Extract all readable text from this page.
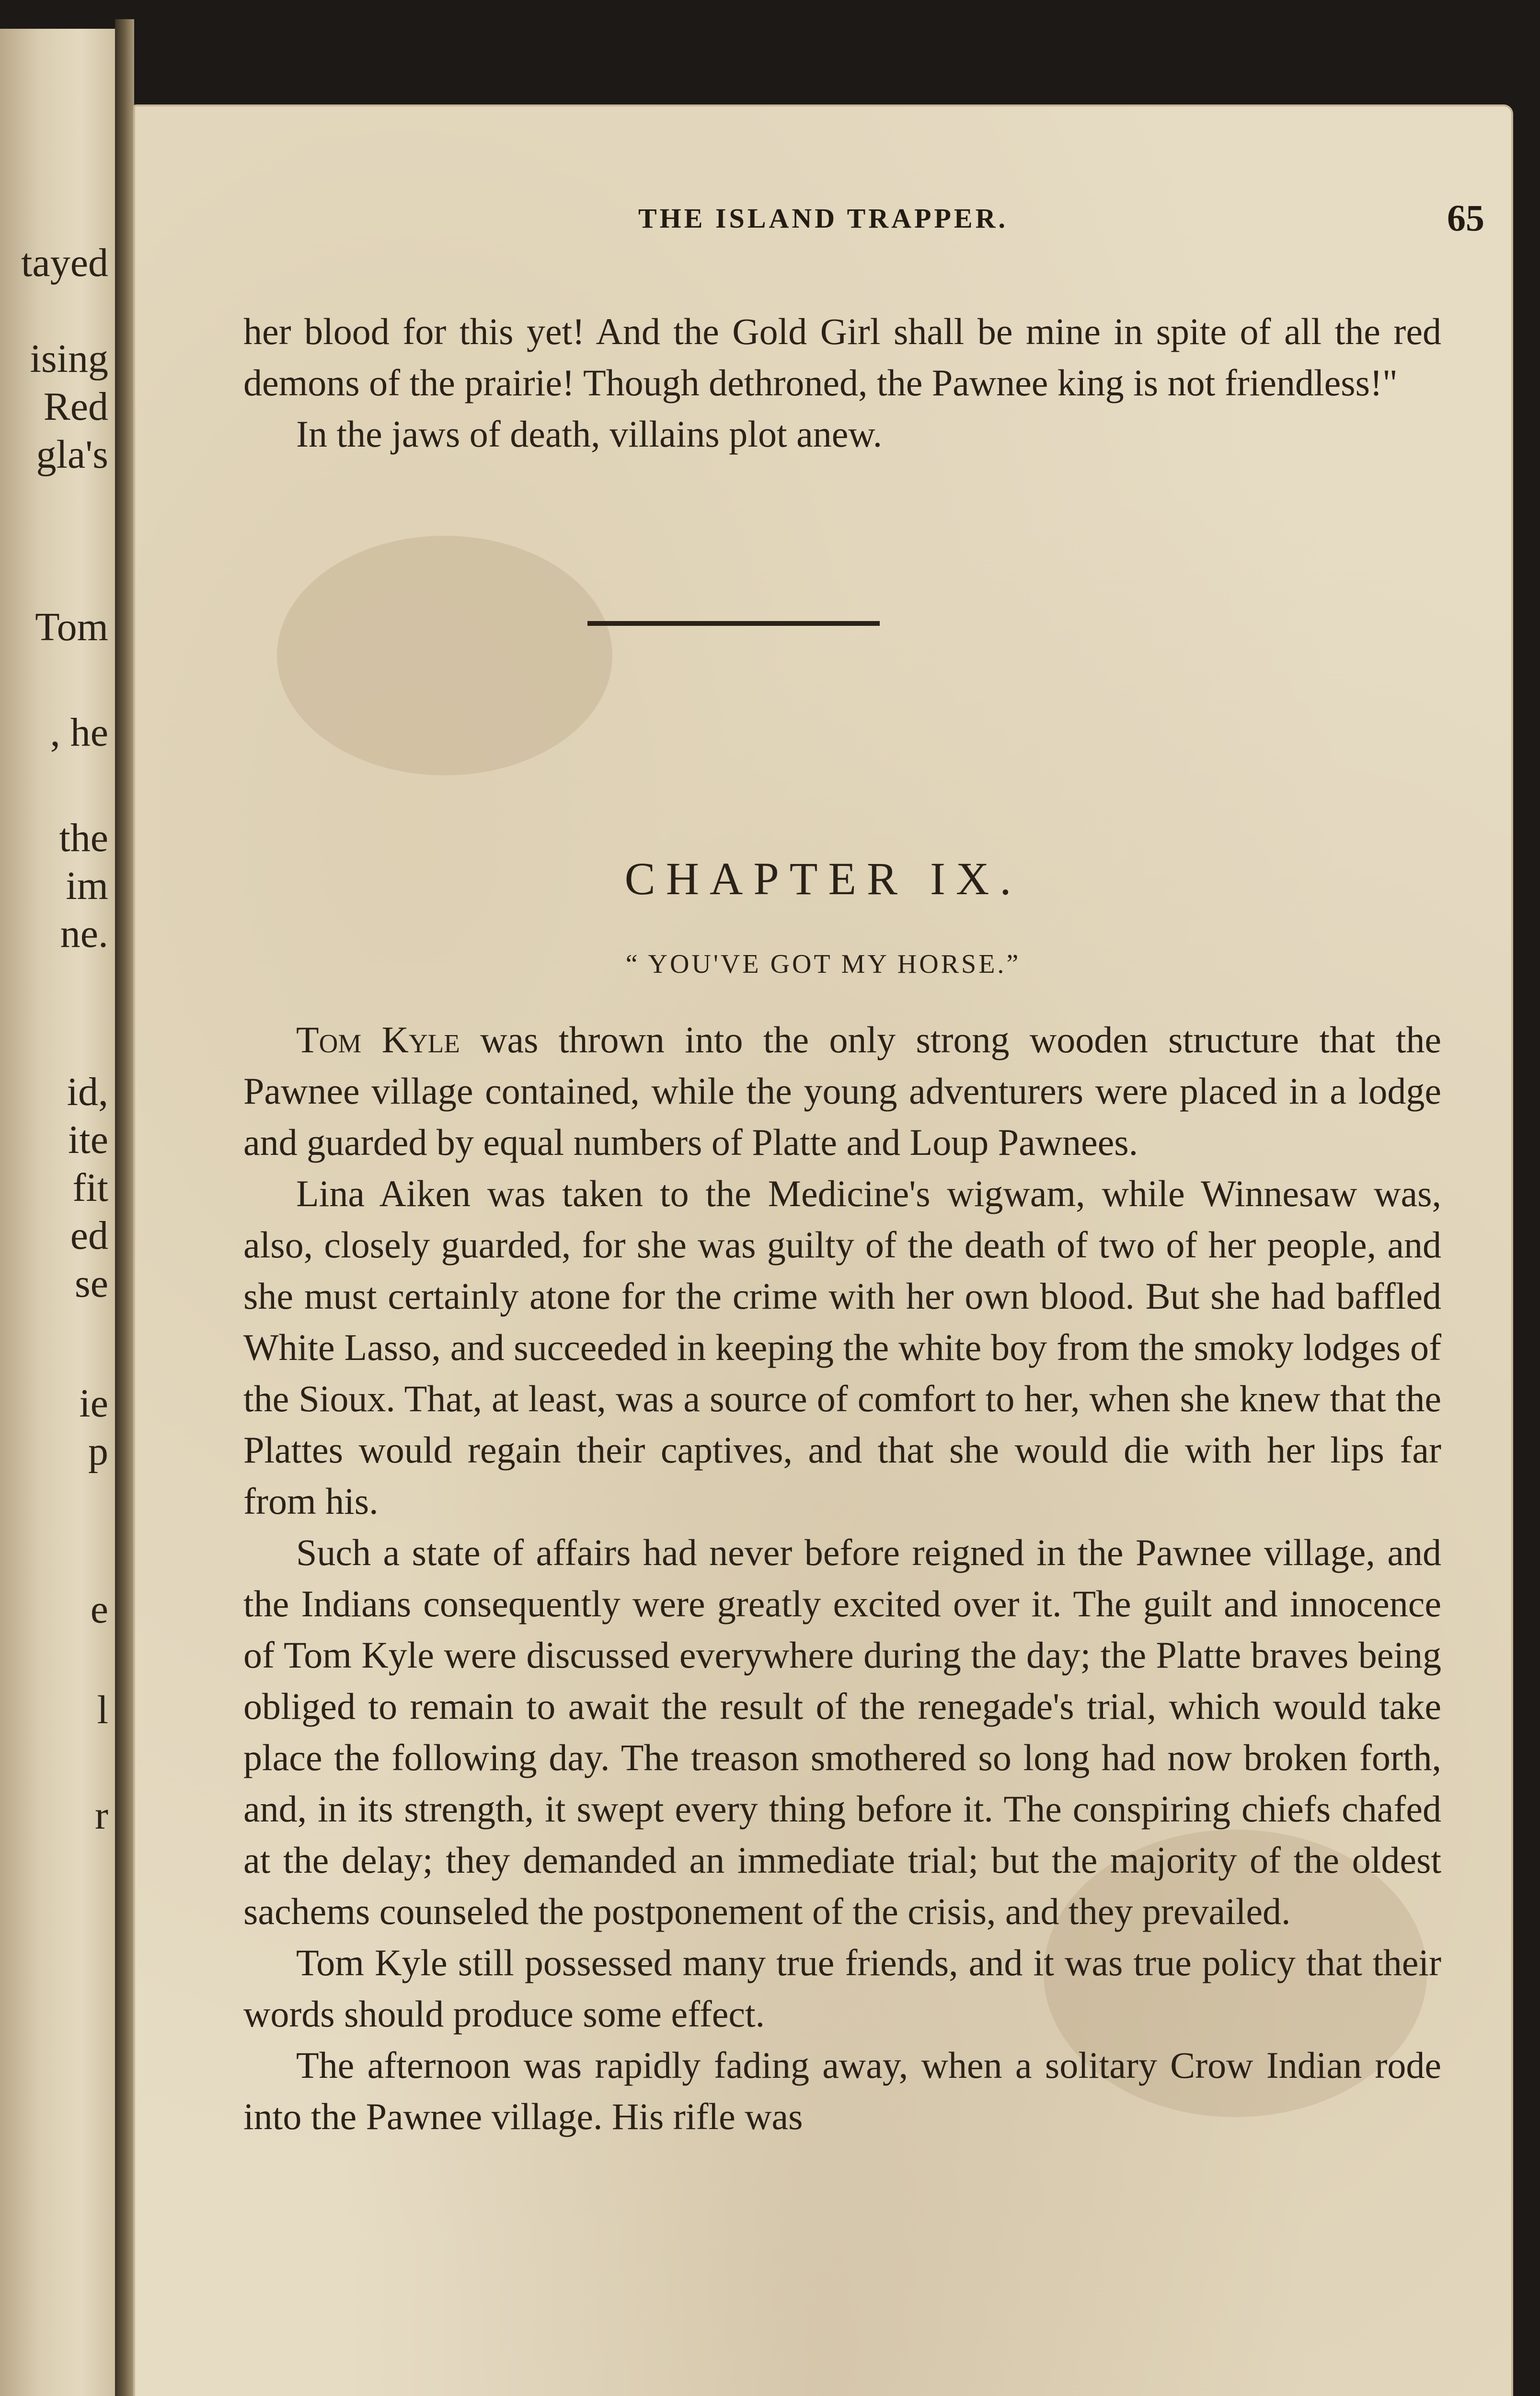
tayed
ising
Red
gla's
Tom
, he
the
im
ne.
id,
ite
fit
ed
se
ie
p
e
l
r
THE ISLAND TRAPPER.	65

her blood for this yet! And the Gold Girl shall be mine in spite of all the red demons of the prairie! Though dethroned, the Pawnee king is not friendless!"

In the jaws of death, villains plot anew.

CHAPTER IX.
“ YOU'VE GOT MY HORSE.”

Tom Kyle was thrown into the only strong wooden structure that the Pawnee village contained, while the young adventurers were placed in a lodge and guarded by equal numbers of Platte and Loup Pawnees.

Lina Aiken was taken to the Medicine's wigwam, while Winnesaw was, also, closely guarded, for she was guilty of the death of two of her people, and she must certainly atone for the crime with her own blood. But she had baffled White Lasso, and succeeded in keeping the white boy from the smoky lodges of the Sioux. That, at least, was a source of comfort to her, when she knew that the Plattes would regain their captives, and that she would die with her lips far from his.

Such a state of affairs had never before reigned in the Pawnee village, and the Indians consequently were greatly excited over it. The guilt and innocence of Tom Kyle were discussed everywhere during the day; the Platte braves being obliged to remain to await the result of the renegade's trial, which would take place the following day. The treason smothered so long had now broken forth, and, in its strength, it swept every thing before it. The conspiring chiefs chafed at the delay; they demanded an immediate trial; but the majority of the oldest sachems counseled the postponement of the crisis, and they prevailed.

Tom Kyle still possessed many true friends, and it was true policy that their words should produce some effect.

The afternoon was rapidly fading away, when a solitary Crow Indian rode into the Pawnee village. His rifle was
